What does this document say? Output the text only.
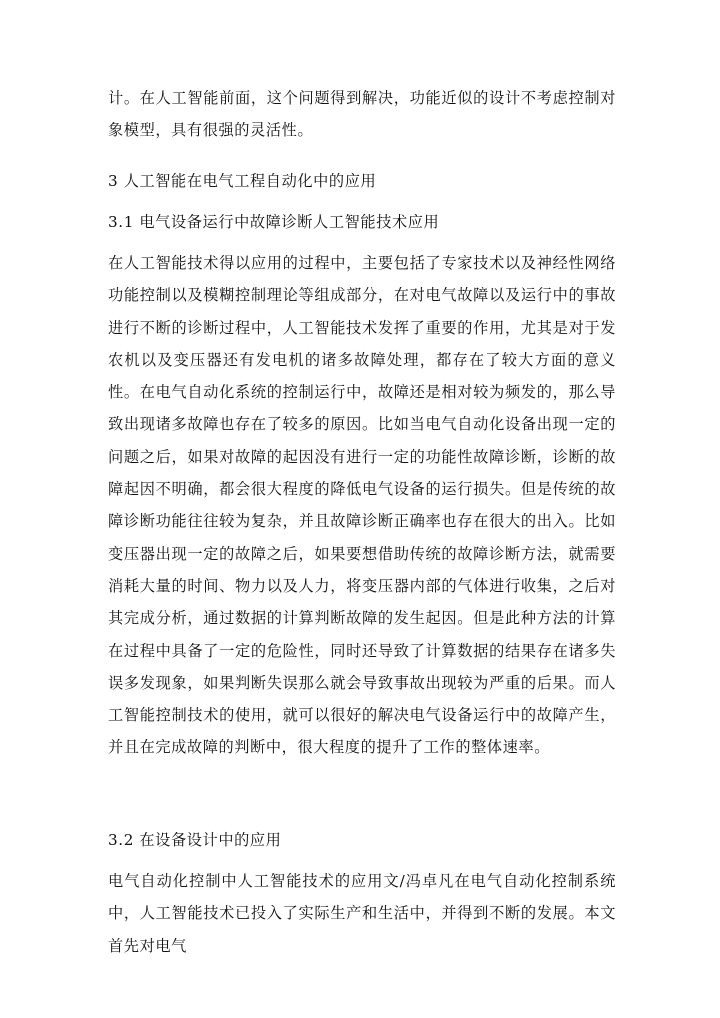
计。在人工智能前面，这个问题得到解决，功能近似的设计不考虑控制对象模型，具有很强的灵活性。

3 人工智能在电气工程自动化中的应用
3.1 电气设备运行中故障诊断人工智能技术应用

在人工智能技术得以应用的过程中，主要包括了专家技术以及神经性网络功能控制以及模糊控制理论等组成部分，在对电气故障以及运行中的事故进行不断的诊断过程中，人工智能技术发挥了重要的作用，尤其是对于发农机以及变压器还有发电机的诸多故障处理，都存在了较大方面的意义性。在电气自动化系统的控制运行中，故障还是相对较为频发的，那么导致出现诸多故障也存在了较多的原因。比如当电气自动化设备出现一定的问题之后，如果对故障的起因没有进行一定的功能性故障诊断，诊断的故障起因不明确，都会很大程度的降低电气设备的运行损失。但是传统的故障诊断功能往往较为复杂，并且故障诊断正确率也存在很大的出入。比如变压器出现一定的故障之后，如果要想借助传统的故障诊断方法，就需要消耗大量的时间、物力以及人力，将变压器内部的气体进行收集，之后对其完成分析，通过数据的计算判断故障的发生起因。但是此种方法的计算在过程中具备了一定的危险性，同时还导致了计算数据的结果存在诸多失误多发现象，如果判断失误那么就会导致事故出现较为严重的后果。而人工智能控制技术的使用，就可以很好的解决电气设备运行中的故障产生，并且在完成故障的判断中，很大程度的提升了工作的整体速率。

3.2 在设备设计中的应用

电气自动化控制中人工智能技术的应用文/冯卓凡在电气自动化控制系统中，人工智能技术已投入了实际生产和生活中，并得到不断的发展。本文首先对电气
